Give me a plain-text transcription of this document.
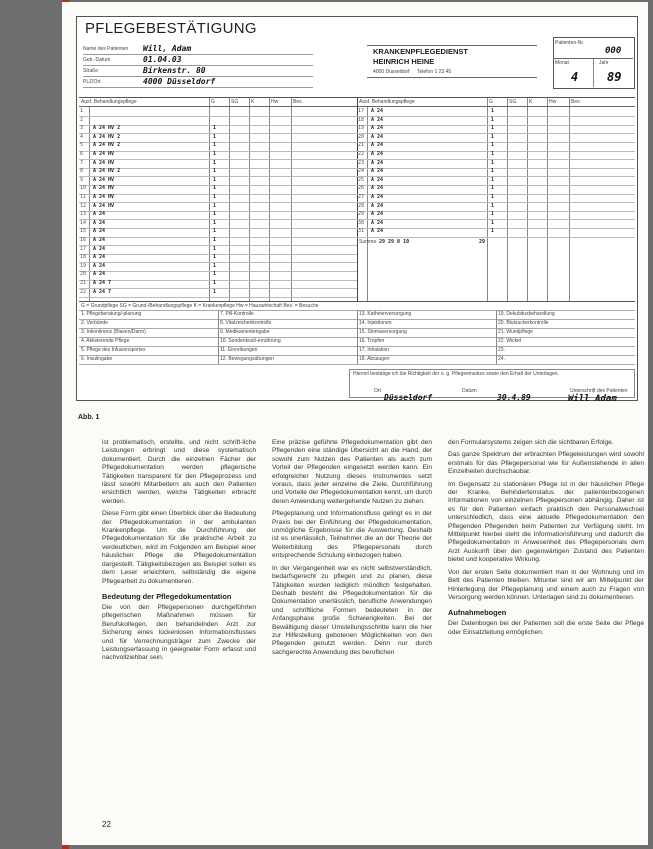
PFLEGEBESTÄTIGUNG
Name des Patienten Will, Adam
Geb.-Datum	01.04.03
Straße	Birkenstr. 80
PLZ/Ort	4000 Düsseldorf
KRANKENPFLEGEDIENST
HEINRICH HEINE
4000 Düsseldorf Telefon 1 23 45
Patienten-Nr.
000
Monat	Jahr
4 89
Ausf. Behandlungspflege	G	SG	K	Hw	Bes.	Ausf. Behandlungspflege	G	SG	K	Hw	Bes.
1
2
3 A 24 HV 2	1
4 A 24 HV 2	1
5 A 24 HV 2	1
6 A 24 HV	1
7 A 24 HV	1
8 A 24 HV 2	1
9 A 24 HV	1
10 A 24 HV	1
11 A 24 HV	1
12 A 24 HV	1
13 A 24	1
14 A 24	1
15 A 24	1
16 A 24	1
17 A 24	1
18 A 24	1
19 A 24	1
20 A 24	1
21 A 24 7	1
22 A 24 7	1
17 A 24	1
18 A 24	1
19 A 24	1
20 A 24	1
21 A 24	1
22 A 24	1
23 A 24	1
24 A 24	1
25 A 24	1
26 A 24	1
27 A 24	1
28 A 24	1
29 A 24	1
30 A 24	1
31 A 24	1
Summe 29 29 8 10	29
G = Grundpflege SG = Grund-/Behandlungspflege K = Krankenpflege Hw = Hauswirtschaft Bes. = Besuche
1. Pflegeberatung/-planung	7. Pill-Kontrolle	13. Katheterversorgung	19. Dekubitusbehandlung
2. Verbände	8. Vitalzeichenkontrolle	14. Injektionen	20. Blutzuckerkontrolle
3. Inkontinenz (Blasen/Darm)	9. Medikamentengabe	15. Stomaversorgung	21. Wundpflege
4. Aktivierende Pflege	10. Sondenkost/-ernährung	16. Tropfen	22. Wickel
5. Pflege des Infusionsportes	11. Einreibungen	17. Inhalation	23.
6. Insulingabe	12. Bewegungsübungen	18. Absaugen	24.
Hiermit bestätige ich die Richtigkeit der o. g. Pflegeeinsätze sowie den Erhalt der Unterlagen.
Ort
Düsseldorf
Datum
30.4.89
Unterschrift des Patienten
Will Adam
Abb. 1

ist problematisch, erstellte, und nicht schrift-liche Leistungen erbringt und diese systematisch dokumentiert. Durch die einzelnen Fächer der Pflegedokumentation werden pflegerische Tätigkeiten transparent für den Pflegeprozess und lässt sowohl Mitarbeitern als auch den Patienten ersichtlich werden, welche Tätigkeiten erbracht werden.

Diese Form gibt einen Überblick über die Bedeutung der Pflegedokumentation in der ambulanten Krankenpflege. Um die Durchführung der Pflegedokumentation für die praktische Arbeit zu verdeutlichen, wird im Folgenden am Beispiel einer häuslichen Pflege die Pflegedokumentation dargestellt. Tätigkeitsbezogen als Beispiel sollen es dem Leser erleichtern, selbständig die eigene Pflegearbeit zu dokumentieren.

Bedeutung der Pflegedokumentation

Die von den Pflegepersonen durchgeführten pflegerischen Maßnahmen müssen für Berufskollegen, den behandelnden Arzt zur Sicherung eines lückenlosen Informationsflusses und für Verrechnungsträger zum Zwecke der Leistungserfassung in geeigneter Form erfasst und nachvollziehbar sein.

Eine präzise geführte Pflegedokumentation gibt den Pflegenden eine ständige Übersicht an die Hand, der sowohl zum Nutzen des Patienten als auch zum Vorteil der Pflegenden eingesetzt werden kann. Ein erfolgreicher Nutzung dieses Instrumentes setzt voraus, dass jeder einzelne die Ziele, Durchführung und Vorteile der Pflegedokumentation kennt, um durch deren Anwendung weitergehende Nutzen zu ziehen.

Pflegeplanung und Informationsfluss gelingt es in der Praxis bei der Einführung der Pflegedokumentation, unmögliche Ergebnisse für die Auswertung. Deshalb ist es unerlässlich, Teilnehmer die an der Theorie der Weiterbildung des Pflegepersonals durch entsprechende Schulung einbezogen haben.

In der Vergangenheit war es nicht selbstverständlich, bedarfsgerecht zu pflegen und zu planen, diese Tätigkeiten wurden lediglich mündlich festgehalten. Deshalb besteht die Pflegedokumentation für die Dokumentation unerlässlich, berufliche Anwendungen und schriftliche Formen bedeuteten in der Anfangsphase große Schwierigkeiten. Bei der Bewältigung dieser Umstellungsschritte kann die hier zur Hilfestellung gebotenen Möglichkeiten von den Pflegenden genutzt werden. Denn nur durch sachgerechte Anwendung des beruflichen

den Formularsystems zeigen sich die sichtbaren Erfolge.

Das ganze Spektrum der erbrachten Pflegeleistungen wird sowohl erstmals für das Pflegepersonal wie für Außenstehende in allen Einzelheiten durchschaubar.

Im Gegensatz zu stationären Pflege ist in der häuslichen Pflege der Kranke, Behindertenstatus der patientenbezogenen Informationen von einzelnen Pflegepersonen abhängig. Daher ist es für den Patienten einfach praktisch den Personalwechsel unterschiedlich, dass eine aktuelle Pflegedokumentation den Pflegenden Pflegenden beim Patienten zur Verfügung steht. Im Mittelpunkt hierbei steht die Informationsführung und dadurch die Pflegedokumentation in Anwesenheit des Pflegepersonals dem Arzt Auskunft über den gegenwärtigen Zustand des Patienten bietet und kooperative Wirkung.

Von der ersten Seite dokumentiert man in der Wohnung und im Bett des Patienten bleiben. Mitunter sind wir am Mittelpunkt der Hinterlegung der Pflegeplanung und einem auch zu Fragen von Versorgung werden können. Unterlagen sind zu dokumentieren.

Aufnahmebogen

Der Datenbogen bei der Patienten soll die erste Seite der Pflege oder Einsatzleitung ermöglichen.

22
